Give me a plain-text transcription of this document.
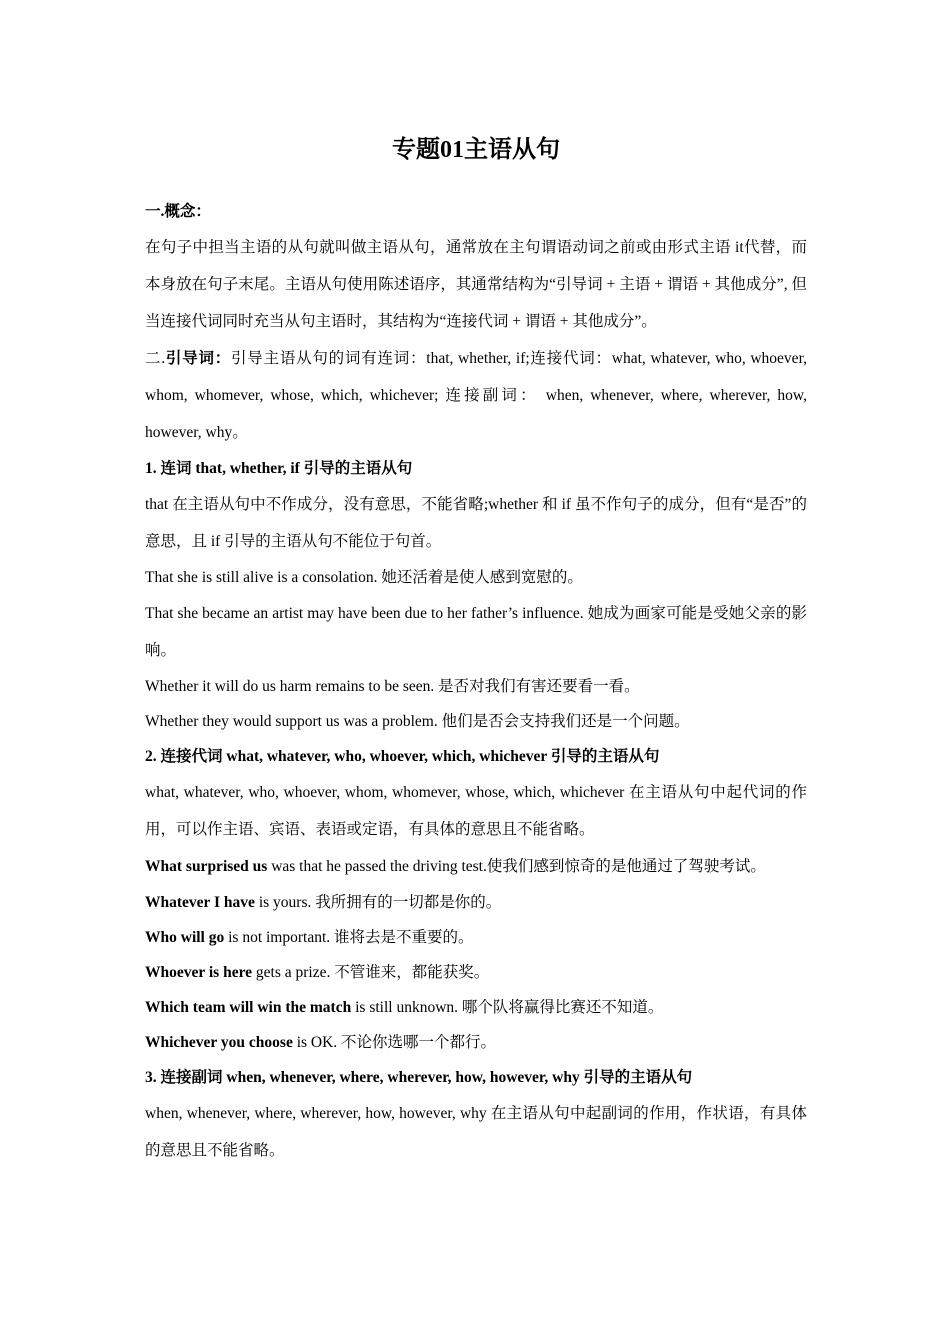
专题01主语从句

一.概念：

在句子中担当主语的从句就叫做主语从句，通常放在主句谓语动词之前或由形式主语 it代替，而本身放在句子末尾。主语从句使用陈述语序，其通常结构为“引导词 + 主语 + 谓语 + 其他成分”, 但当连接代词同时充当从句主语时，其结构为“连接代词 + 谓语 + 其他成分”。

二.引导词：引导主语从句的词有连词：that, whether, if;连接代词：what, whatever, who, whoever, whom, whomever, whose, which, whichever; 连接副词： when, whenever, where, wherever, how, however, why。

1. 连词 that, whether, if 引导的主语从句

that 在主语从句中不作成分，没有意思，不能省略;whether 和 if 虽不作句子的成分，但有“是否”的意思，且 if 引导的主语从句不能位于句首。

That she is still alive is a consolation. 她还活着是使人感到宽慰的。

That she became an artist may have been due to her father’s influence. 她成为画家可能是受她父亲的影响。

Whether it will do us harm remains to be seen. 是否对我们有害还要看一看。

Whether they would support us was a problem. 他们是否会支持我们还是一个问题。

2. 连接代词 what, whatever, who, whoever, which, whichever 引导的主语从句

what, whatever, who, whoever, whom, whomever, whose, which, whichever 在主语从句中起代词的作用，可以作主语、宾语、表语或定语，有具体的意思且不能省略。

What surprised us was that he passed the driving test.使我们感到惊奇的是他通过了驾驶考试。

Whatever I have is yours. 我所拥有的一切都是你的。

Who will go is not important. 谁将去是不重要的。

Whoever is here gets a prize. 不管谁来，都能获奖。

Which team will win the match is still unknown. 哪个队将赢得比赛还不知道。

Whichever you choose is OK. 不论你选哪一个都行。

3. 连接副词 when, whenever, where, wherever, how, however, why 引导的主语从句

when, whenever, where, wherever, how, however, why 在主语从句中起副词的作用，作状语，有具体的意思且不能省略。
